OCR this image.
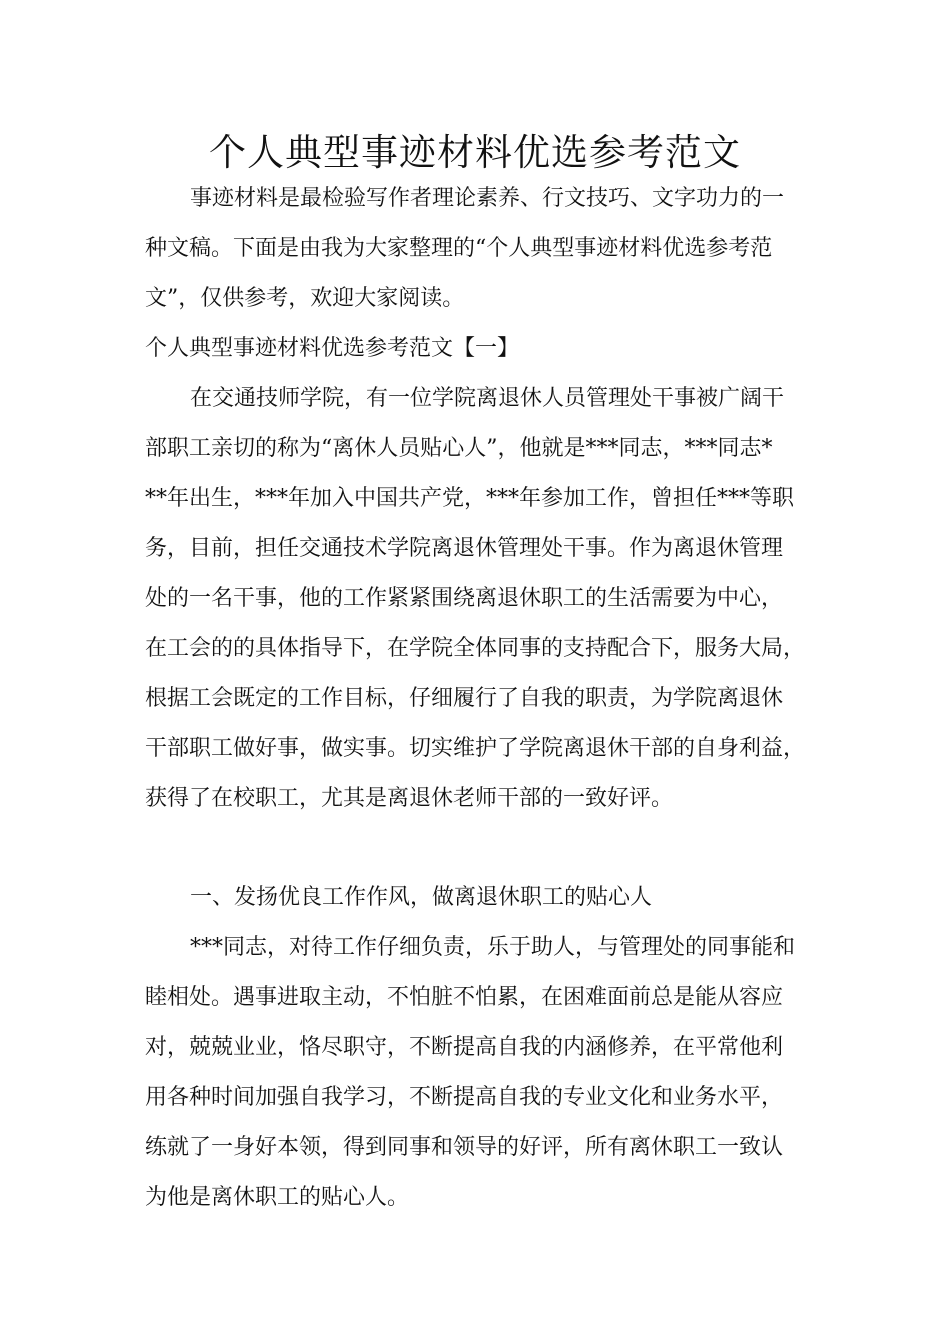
个人典型事迹材料优选参考范文

事迹材料是最检验写作者理论素养、行文技巧、文字功力的一

种文稿。下面是由我为大家整理的“个人典型事迹材料优选参考范

文”，仅供参考，欢迎大家阅读。

个人典型事迹材料优选参考范文【一】

在交通技师学院，有一位学院离退休人员管理处干事被广阔干

部职工亲切的称为“离休人员贴心人”，他就是***同志，***同志*

**年出生，***年加入中国共产党，***年参加工作，曾担任***等职

务，目前，担任交通技术学院离退休管理处干事。作为离退休管理

处的一名干事，他的工作紧紧围绕离退休职工的生活需要为中心，

在工会的的具体指导下，在学院全体同事的支持配合下，服务大局，

根据工会既定的工作目标，仔细履行了自我的职责，为学院离退休

干部职工做好事，做实事。切实维护了学院离退休干部的自身利益，

获得了在校职工，尤其是离退休老师干部的一致好评。

一、发扬优良工作作风，做离退休职工的贴心人

***同志，对待工作仔细负责，乐于助人，与管理处的同事能和

睦相处。遇事进取主动，不怕脏不怕累，在困难面前总是能从容应

对，兢兢业业，恪尽职守，不断提高自我的内涵修养，在平常他利

用各种时间加强自我学习，不断提高自我的专业文化和业务水平，

练就了一身好本领，得到同事和领导的好评，所有离休职工一致认

为他是离休职工的贴心人。
